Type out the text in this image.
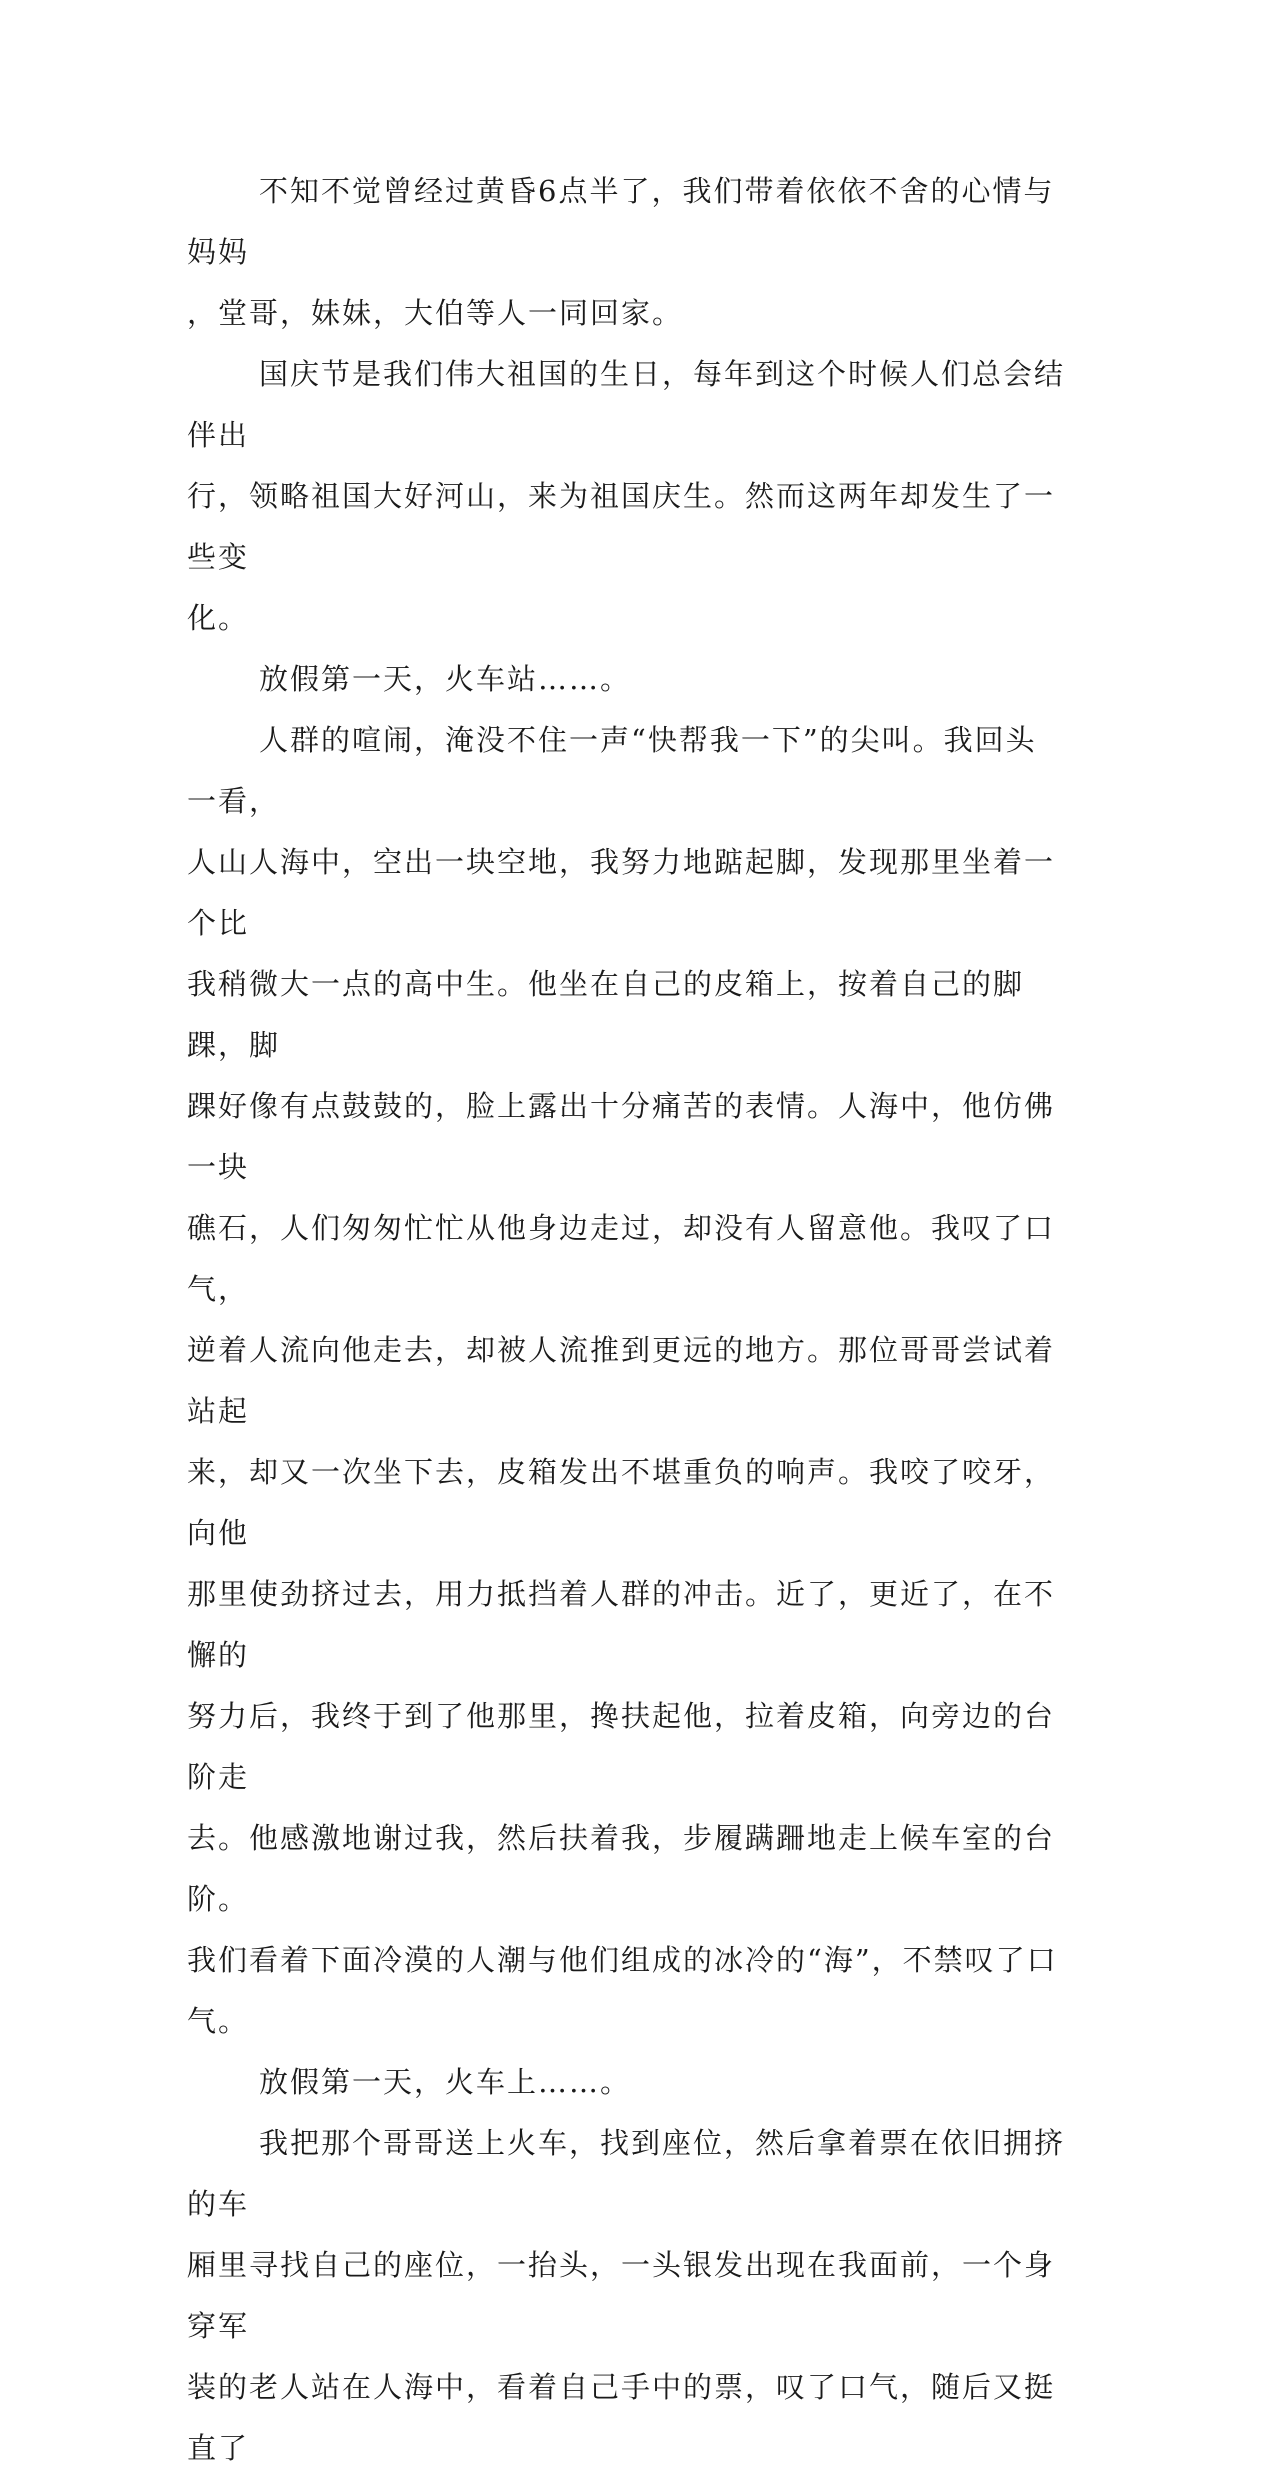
不知不觉曾经过黄昏6点半了，我们带着依依不舍的心情与妈妈

，堂哥，妹妹，大伯等人一同回家。

国庆节是我们伟大祖国的生日，每年到这个时候人们总会结伴出

行，领略祖国大好河山，来为祖国庆生。然而这两年却发生了一些变

化。

放假第一天，火车站……。

人群的喧闹，淹没不住一声“快帮我一下”的尖叫。我回头一看，

人山人海中，空出一块空地，我努力地踮起脚，发现那里坐着一个比

我稍微大一点的高中生。他坐在自己的皮箱上，按着自己的脚踝，脚

踝好像有点鼓鼓的，脸上露出十分痛苦的表情。人海中，他仿佛一块

礁石，人们匆匆忙忙从他身边走过，却没有人留意他。我叹了口气，

逆着人流向他走去，却被人流推到更远的地方。那位哥哥尝试着站起

来，却又一次坐下去，皮箱发出不堪重负的响声。我咬了咬牙，向他

那里使劲挤过去，用力抵挡着人群的冲击。近了，更近了，在不懈的

努力后，我终于到了他那里，搀扶起他，拉着皮箱，向旁边的台阶走

去。他感激地谢过我，然后扶着我，步履蹒跚地走上候车室的台阶。

我们看着下面冷漠的人潮与他们组成的冰冷的“海”，不禁叹了口气。

放假第一天，火车上……。

我把那个哥哥送上火车，找到座位，然后拿着票在依旧拥挤的车

厢里寻找自己的座位，一抬头，一头银发出现在我面前，一个身穿军

装的老人站在人海中，看着自己手中的票，叹了口气，随后又挺直了
